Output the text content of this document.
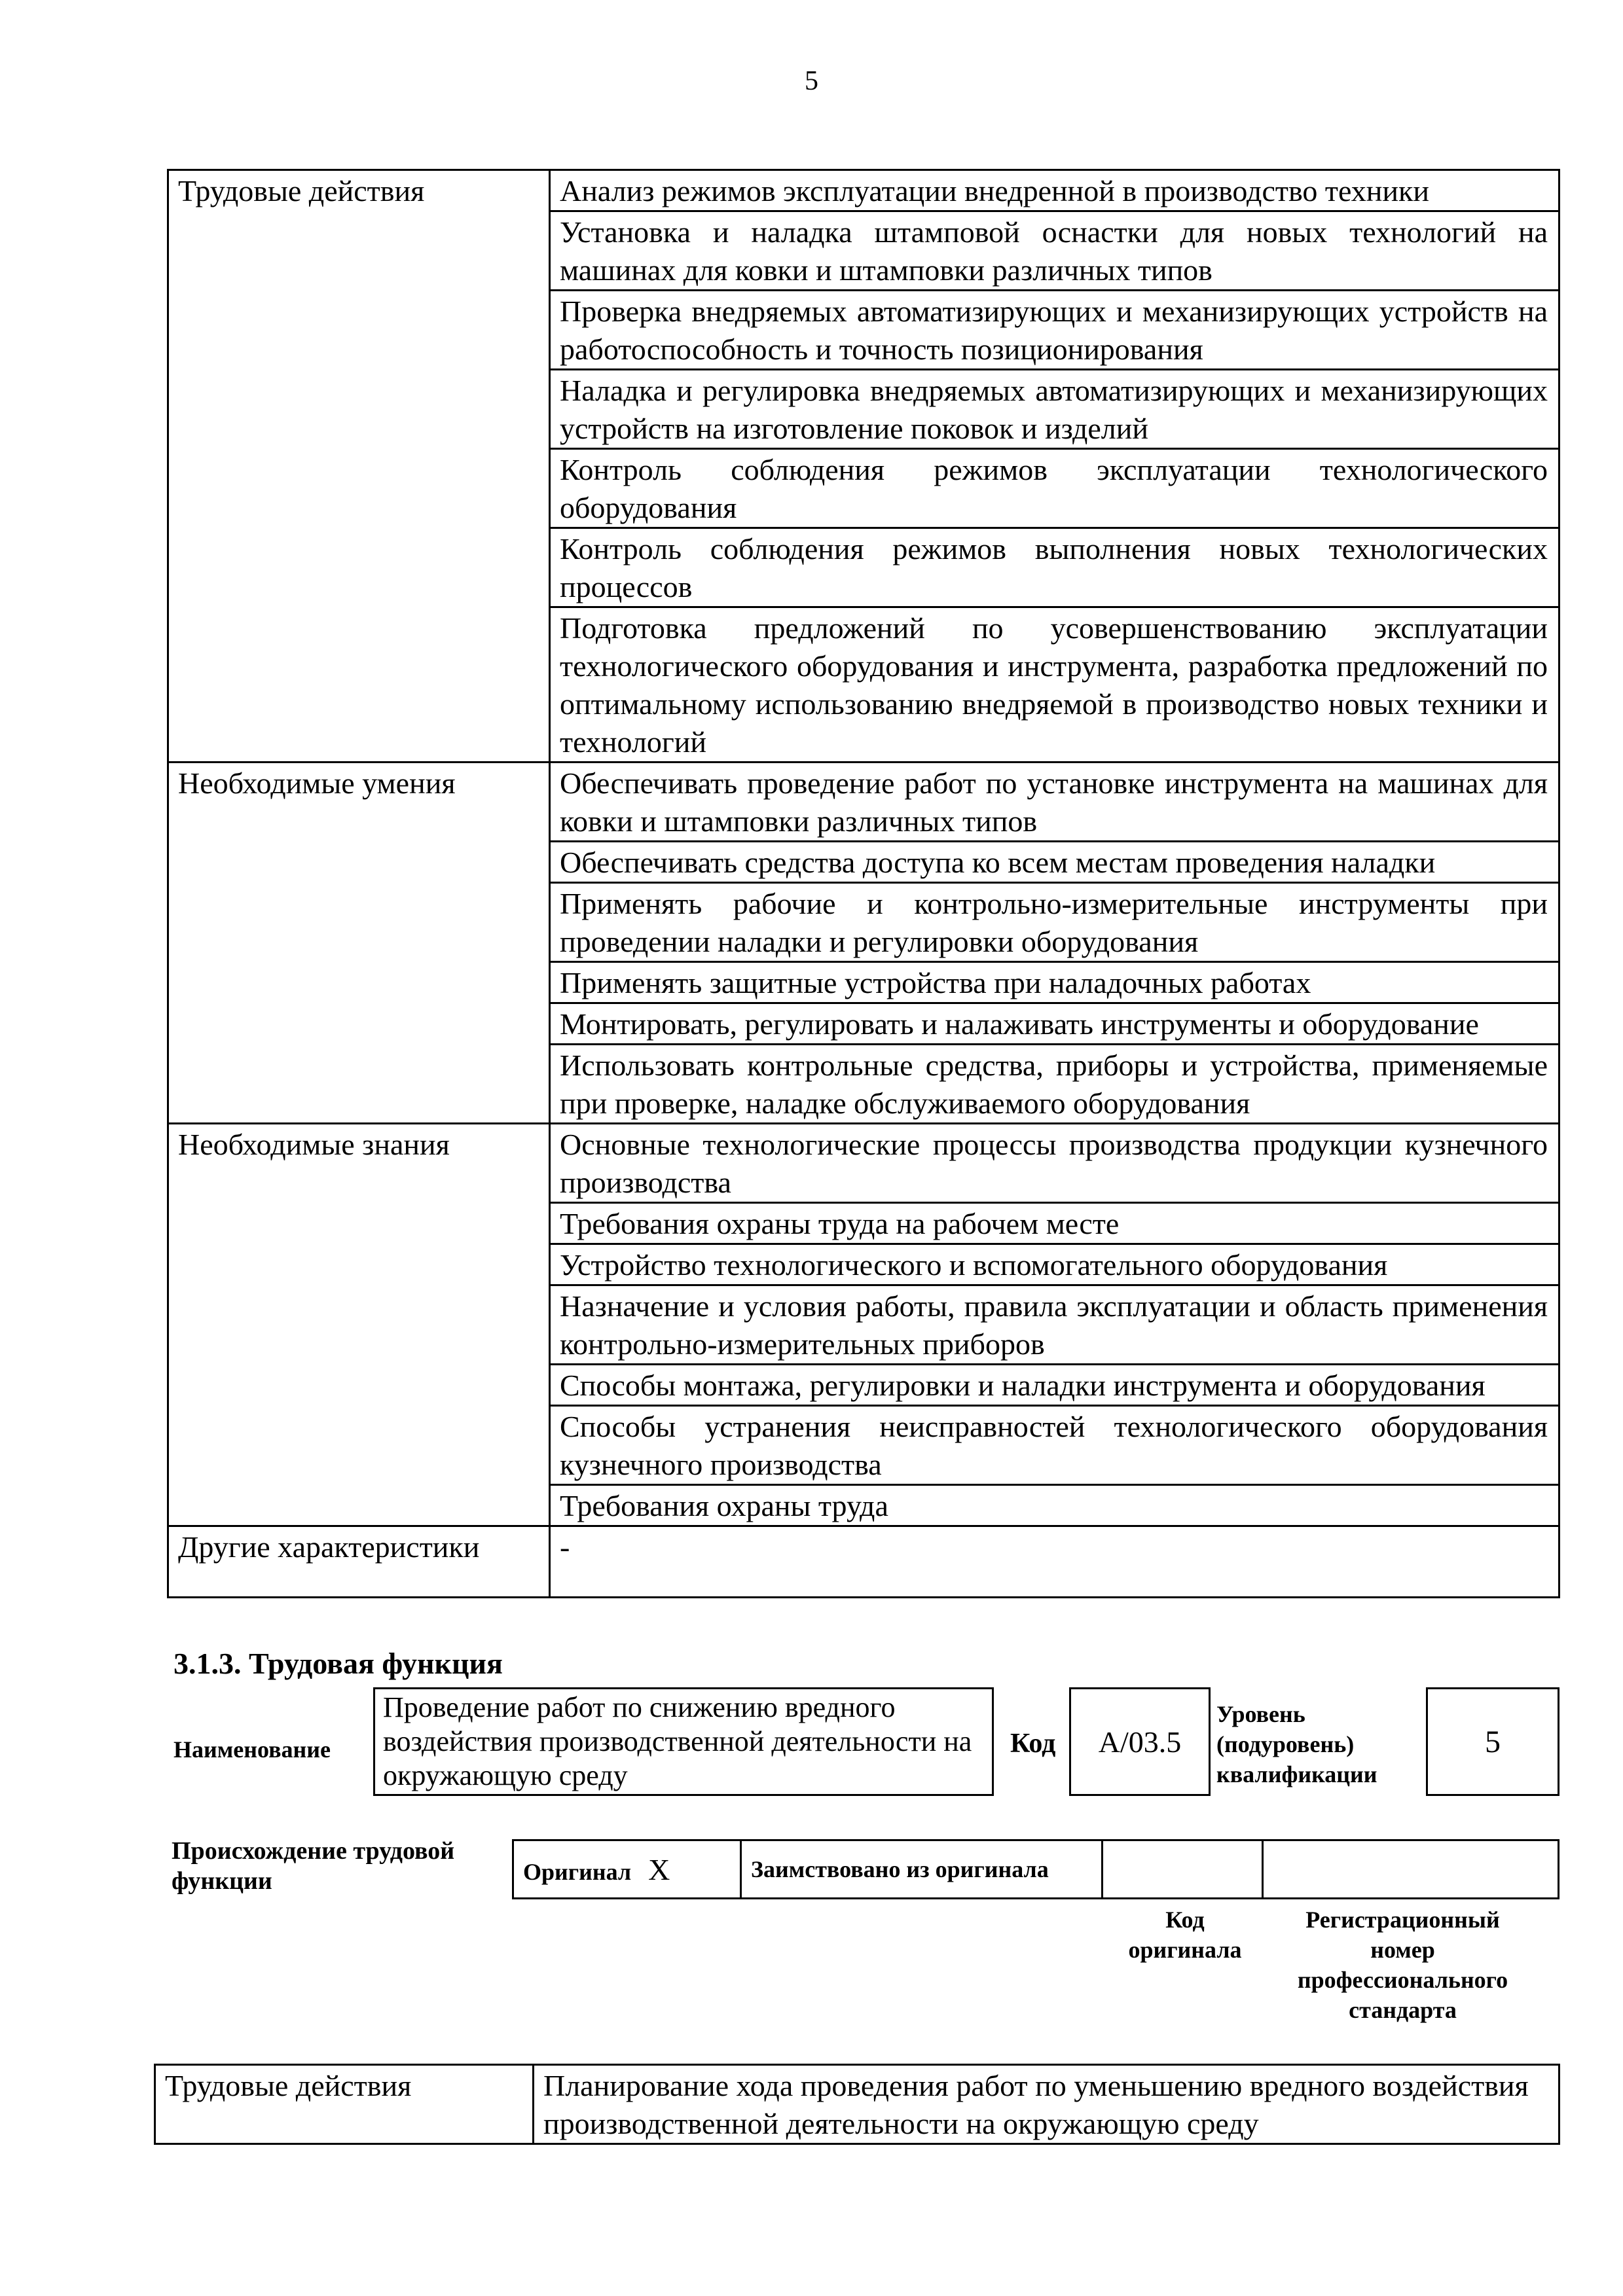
5
Трудовые действия	Анализ режимов эксплуатации внедренной в производство техники
	Установка и наладка штамповой оснастки для новых технологий на машинах для ковки и штамповки различных типов
	Проверка внедряемых автоматизирующих и механизирующих устройств на работоспособность и точность позиционирования
	Наладка и регулировка внедряемых автоматизирующих и механизирующих устройств на изготовление поковок и изделий
	Контроль соблюдения режимов эксплуатации технологического оборудования
	Контроль соблюдения режимов выполнения новых технологических процессов
	Подготовка предложений по усовершенствованию эксплуатации технологического оборудования и инструмента, разработка предложений по оптимальному использованию внедряемой в производство новых техники и технологий
Необходимые умения	Обеспечивать проведение работ по установке инструмента на машинах для ковки и штамповки различных типов
	Обеспечивать средства доступа ко всем местам проведения наладки
	Применять рабочие и контрольно-измерительные инструменты при проведении наладки и регулировки оборудования
	Применять защитные устройства при наладочных работах
	Монтировать, регулировать и налаживать инструменты и оборудование
	Использовать контрольные средства, приборы и устройства, применяемые при проверке, наладке обслуживаемого оборудования
Необходимые знания	Основные технологические процессы производства продукции кузнечного производства
	Требования охраны труда на рабочем месте
	Устройство технологического и вспомогательного оборудования
	Назначение и условия работы, правила эксплуатации и область применения контрольно-измерительных приборов
	Способы монтажа, регулировки и наладки инструмента и оборудования
	Способы устранения неисправностей технологического оборудования кузнечного производства
	Требования охраны труда
Другие характеристики	-
3.1.3. Трудовая функция
Наименование
Проведение работ по снижению вредного воздействия производственной деятельности на окружающую среду
Код А/03.5
Уровень (подуровень) квалификации
5
Происхождение трудовой функции	Оригинал X	Заимствовано из оригинала		
Код оригинала
Регистрационный номер профессионального стандарта
Трудовые действия	Планирование хода проведения работ по уменьшению вредного воздействия производственной деятельности на окружающую среду
